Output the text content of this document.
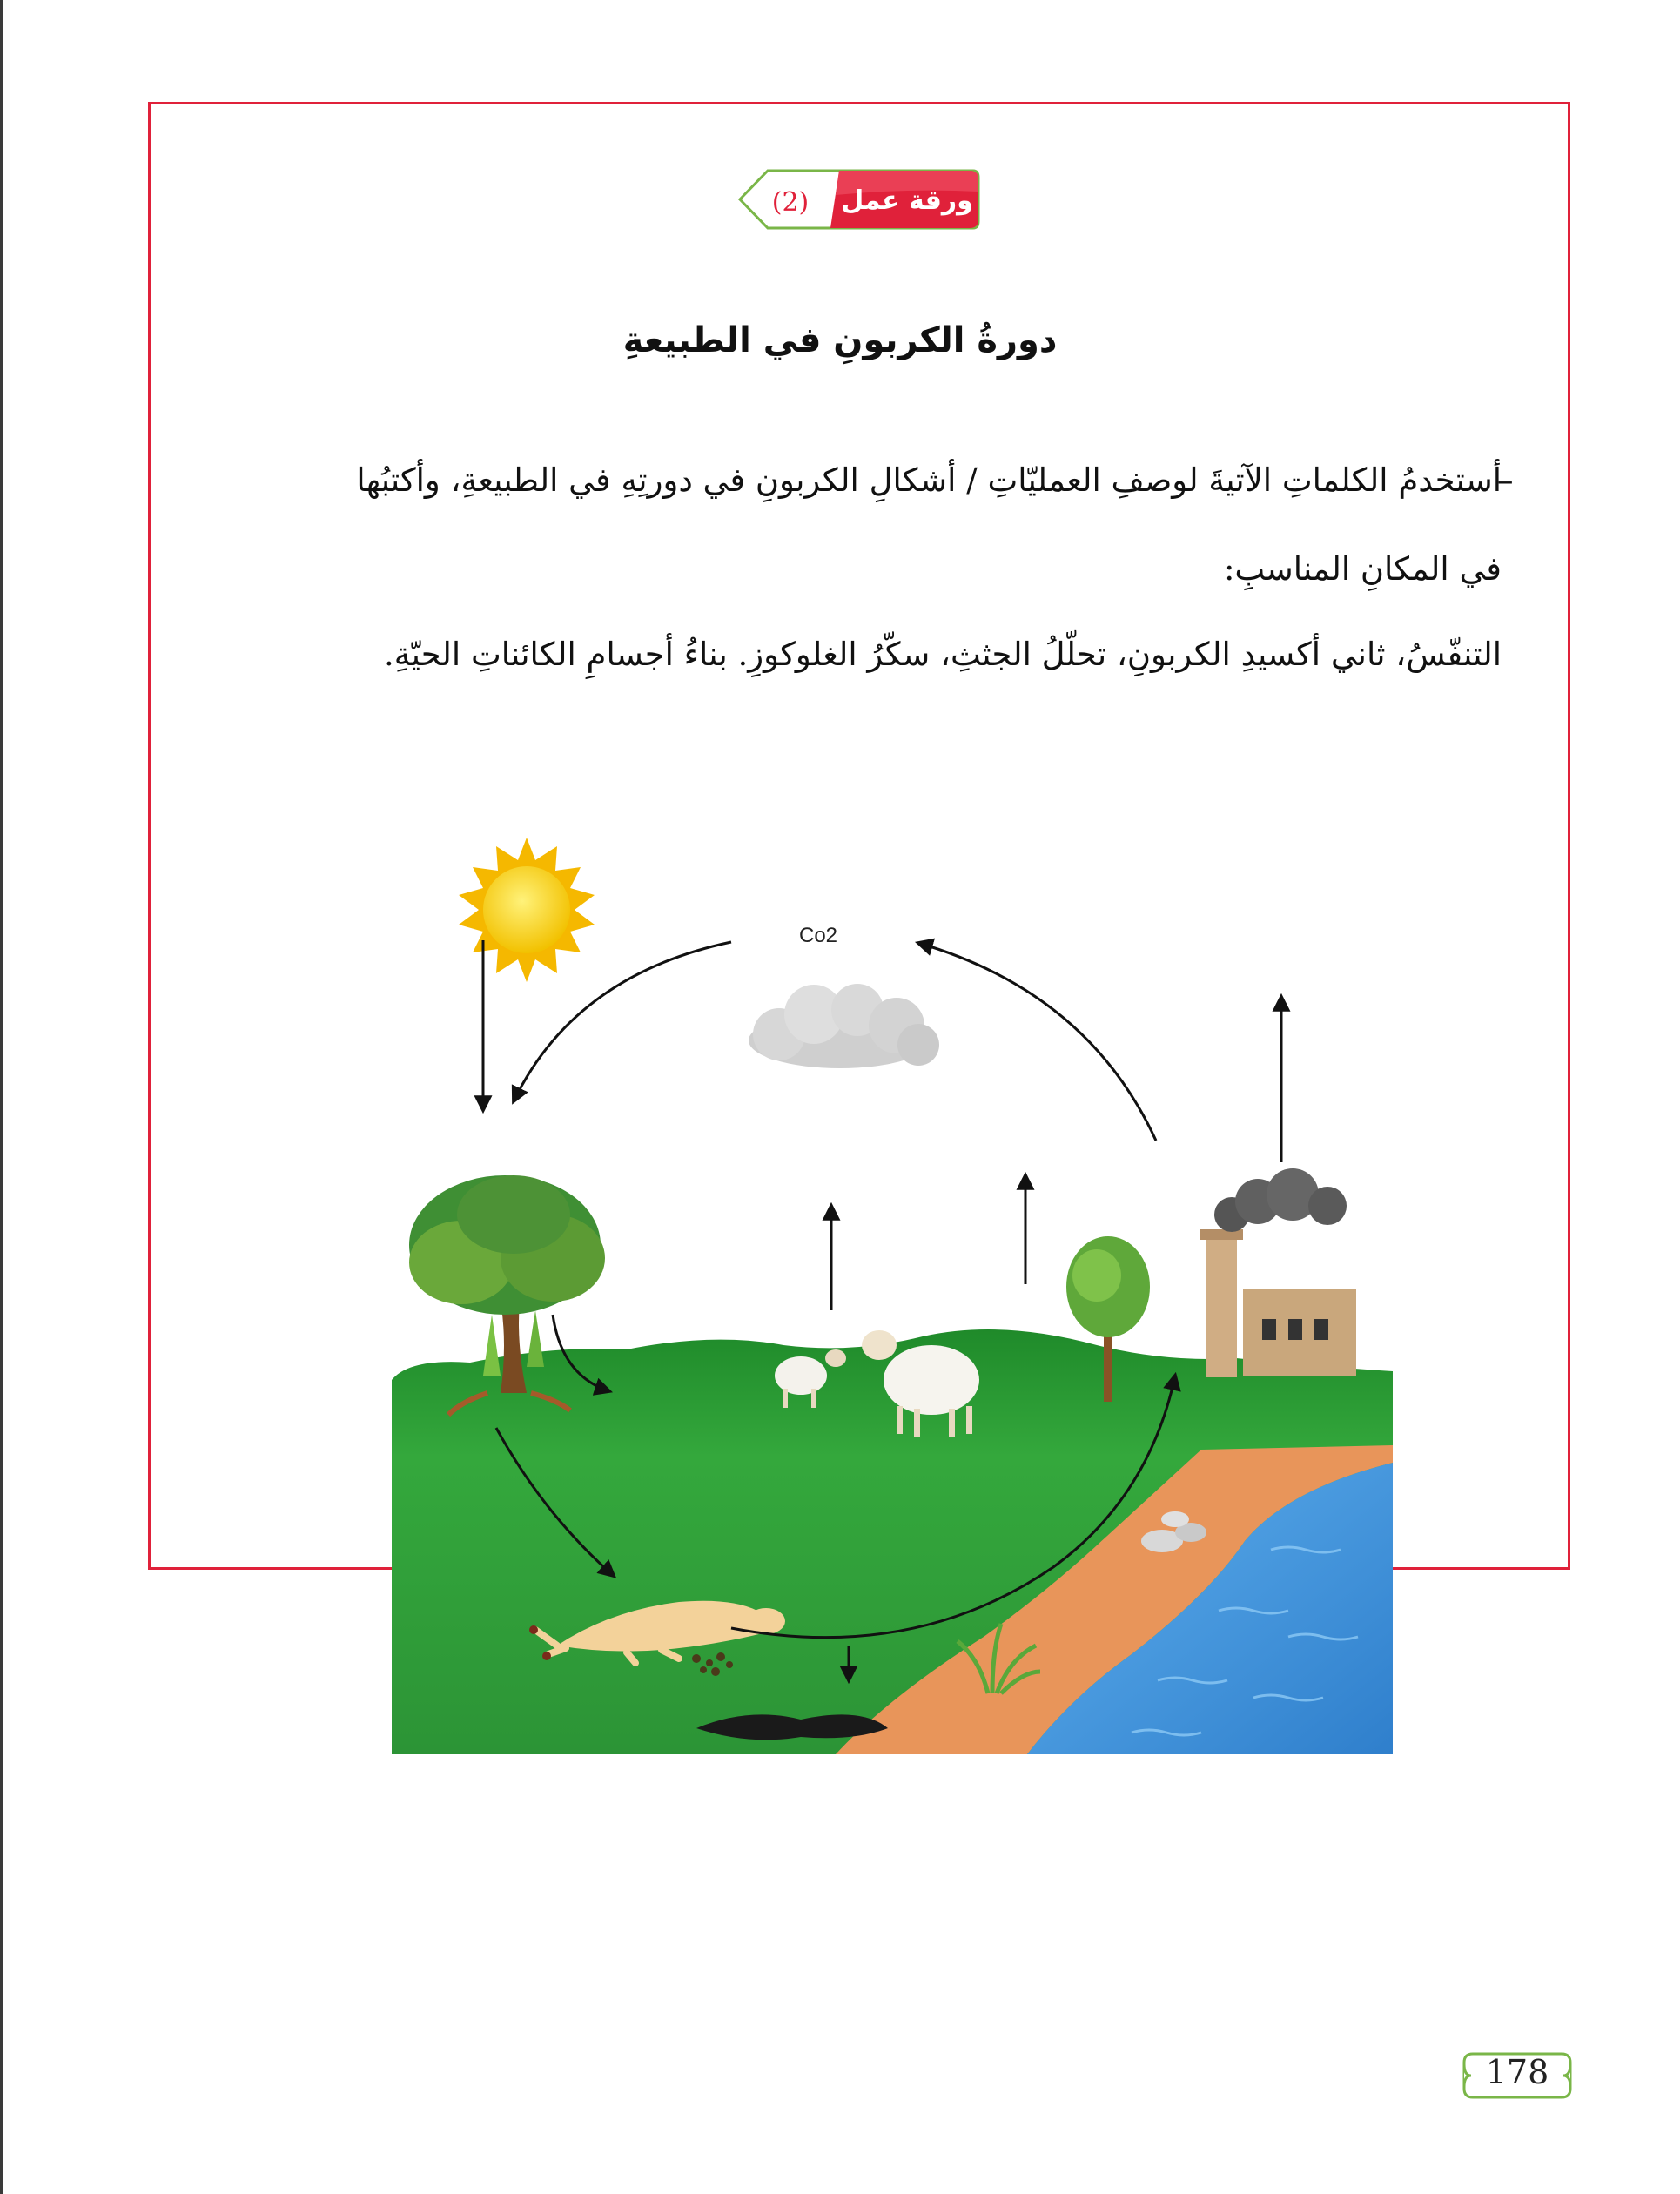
(2) ورقة عمل
دورةُ الكربونِ في الطبيعةِ
–
أستخدمُ الكلماتِ الآتيةَ لوصفِ العمليّاتِ / أشكالِ الكربونِ في دورتِهِ في الطبيعةِ، وأكتبُها
في المكانِ المناسبِ:
التنفّسُ، ثاني أكسيدِ الكربونِ، تحلّلُ الجثثِ، سكّرُ الغلوكوزِ. بناءُ أجسامِ الكائناتِ الحيّةِ.
Co2
178
